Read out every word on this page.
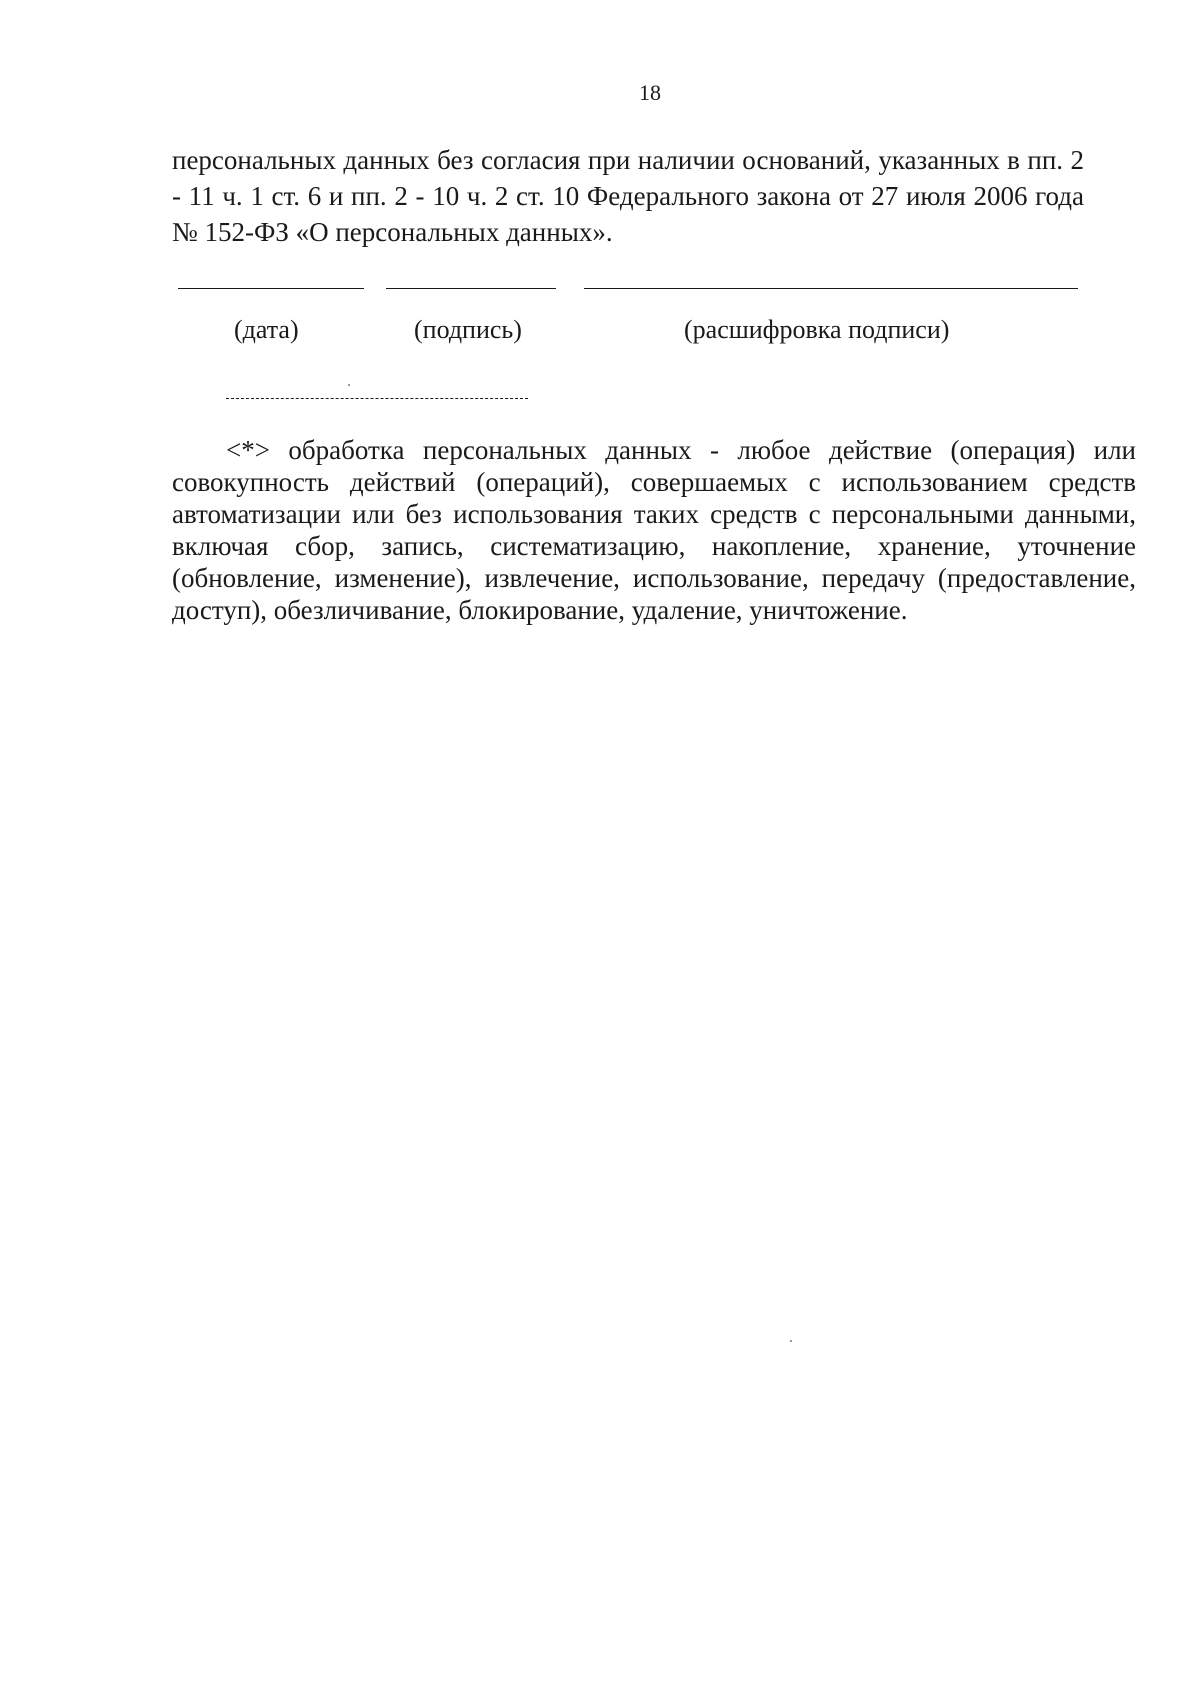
18

персональных данных без согласия при наличии оснований, указанных в пп. 2 - 11 ч. 1 ст. 6 и пп. 2 - 10 ч. 2 ст. 10 Федерального закона от 27 июля 2006 года № 152-ФЗ «О персональных данных».

(дата)	(подпись)	(расшифровка подписи)

<*> обработка персональных данных - любое действие (операция) или совокупность действий (операций), совершаемых с использованием средств автоматизации или без использования таких средств с персональными данными, включая сбор, запись, систематизацию, накопление, хранение, уточнение (обновление, изменение), извлечение, использование, передачу (предоставление, доступ), обезличивание, блокирование, удаление, уничтожение.
